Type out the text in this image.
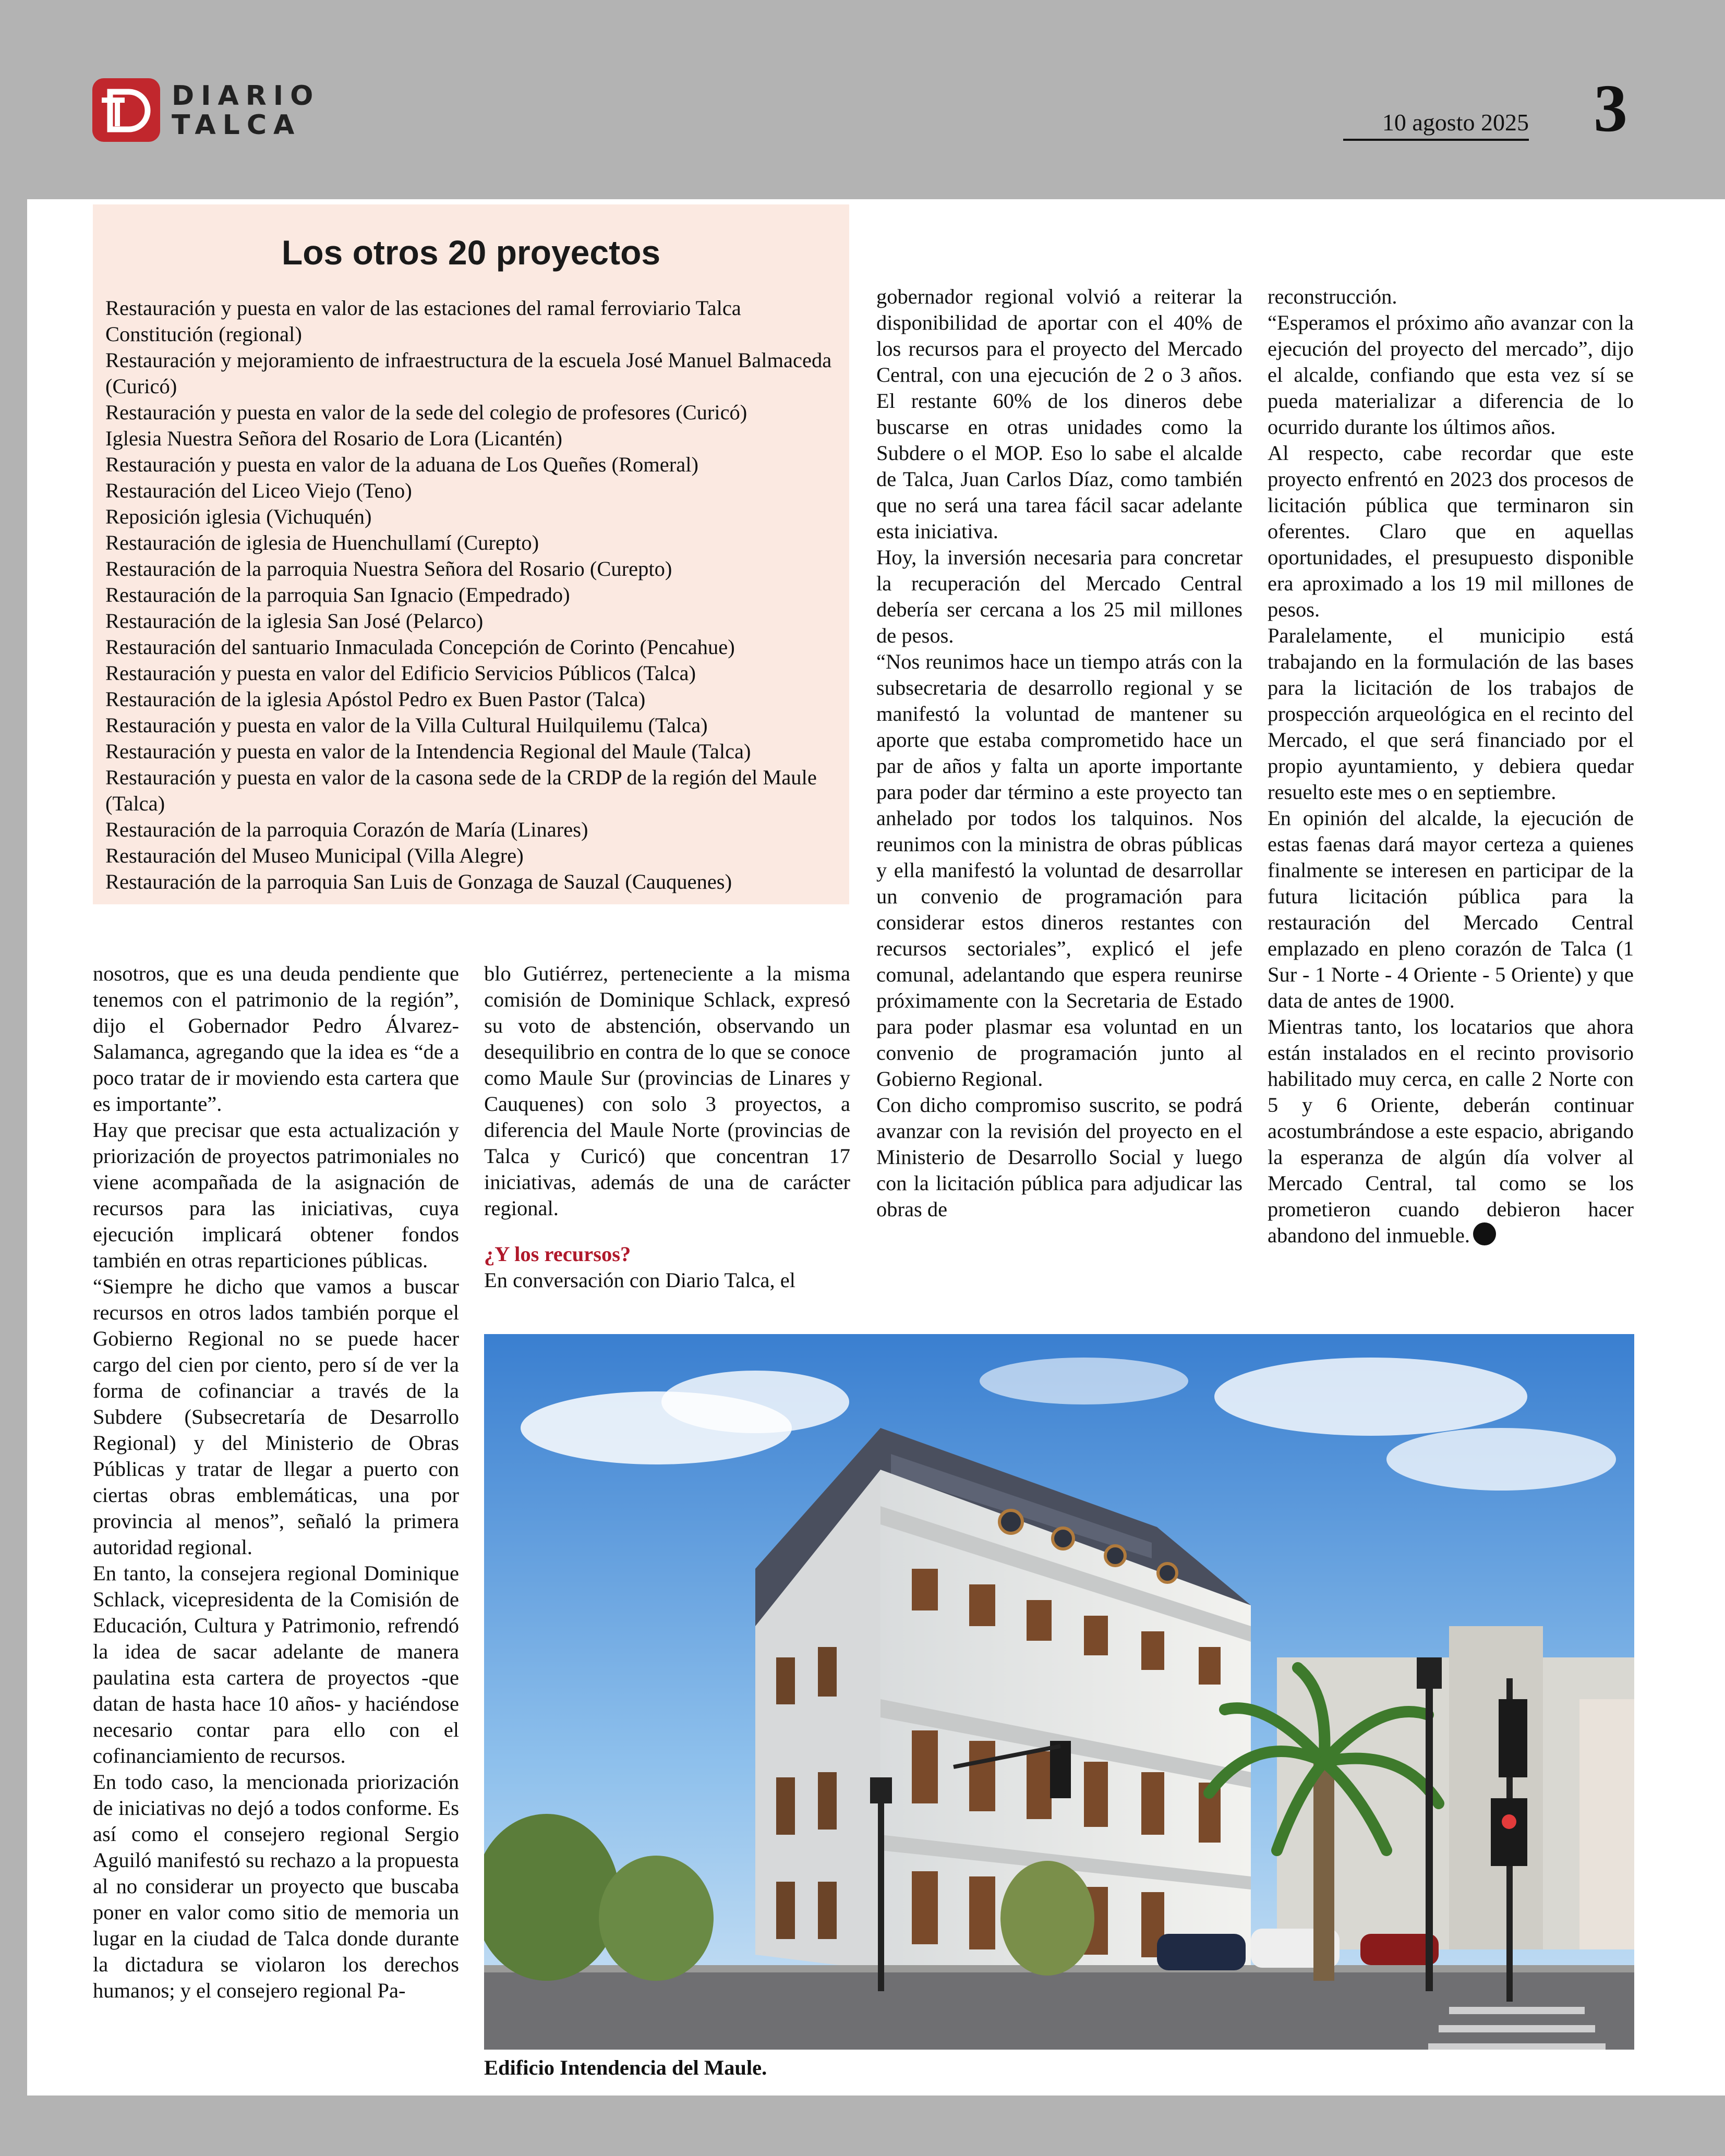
DIARIO
TALCA	10 agosto 2025 3
Los otros 20 proyectos
Restauración y puesta en valor de las estaciones del ramal ferroviario Talca Constitución (regional)
Restauración y mejoramiento de infraestructura de la escuela José Manuel Balmaceda (Curicó)
Restauración y puesta en valor de la sede del colegio de profesores (Curicó)
Iglesia Nuestra Señora del Rosario de Lora (Licantén)
Restauración y puesta en valor de la aduana de Los Queñes (Romeral)
Restauración del Liceo Viejo (Teno)
Reposición iglesia (Vichuquén)
Restauración de iglesia de Huenchullamí (Curepto)
Restauración de la parroquia Nuestra Señora del Rosario (Curepto)
Restauración de la parroquia San Ignacio (Empedrado)
Restauración de la iglesia San José (Pelarco)
Restauración del santuario Inmaculada Concepción de Corinto (Pencahue)
Restauración y puesta en valor del Edificio Servicios Públicos (Talca)
Restauración de la iglesia Apóstol Pedro ex Buen Pastor (Talca)
Restauración y puesta en valor de la Villa Cultural Huilquilemu (Talca)
Restauración y puesta en valor de la Intendencia Regional del Maule (Talca)
Restauración y puesta en valor de la casona sede de la CRDP de la región del Maule (Talca)
Restauración de la parroquia Corazón de María (Linares)
Restauración del Museo Municipal (Villa Alegre)
Restauración de la parroquia San Luis de Gonzaga de Sauzal (Cauquenes)

nosotros, que es una deuda pendiente que tenemos con el patrimonio de la región”, dijo el Gobernador Pedro Álvarez-Salamanca, agregando que la idea es “de a poco tratar de ir moviendo esta cartera que es importante”.

Hay que precisar que esta actualización y priorización de proyectos patrimoniales no viene acompañada de la asignación de recursos para las iniciativas, cuya ejecución implicará obtener fondos también en otras reparticiones públicas.

“Siempre he dicho que vamos a buscar recursos en otros lados también porque el Gobierno Regional no se puede hacer cargo del cien por ciento, pero sí de ver la forma de cofinanciar a través de la Subdere (Subsecretaría de Desarrollo Regional) y del Ministerio de Obras Públicas y tratar de llegar a puerto con ciertas obras emblemáticas, una por provincia al menos”, señaló la primera autoridad regional.

En tanto, la consejera regional Dominique Schlack, vicepresidenta de la Comisión de Educación, Cultura y Patrimonio, refrendó la idea de sacar adelante de manera paulatina esta cartera de proyectos -que datan de hasta hace 10 años- y haciéndose necesario contar para ello con el cofinanciamiento de recursos.

En todo caso, la mencionada priorización de iniciativas no dejó a todos conforme. Es así como el consejero regional Sergio Aguiló manifestó su rechazo a la propuesta al no considerar un proyecto que buscaba poner en valor como sitio de memoria un lugar en la ciudad de Talca donde durante la dictadura se violaron los derechos humanos; y el consejero regional Pa-

blo Gutiérrez, perteneciente a la misma comisión de Dominique Schlack, expresó su voto de abstención, observando un desequilibrio en contra de lo que se conoce como Maule Sur (provincias de Linares y Cauquenes) con solo 3 proyectos, a diferencia del Maule Norte (provincias de Talca y Curicó) que concentran 17 iniciativas, además de una de carácter regional.

¿Y los recursos?

En conversación con Diario Talca, el

gobernador regional volvió a reiterar la disponibilidad de aportar con el 40% de los recursos para el proyecto del Mercado Central, con una ejecución de 2 o 3 años. El restante 60% de los dineros debe buscarse en otras unidades como la Subdere o el MOP. Eso lo sabe el alcalde de Talca, Juan Carlos Díaz, como también que no será una tarea fácil sacar adelante esta iniciativa.

Hoy, la inversión necesaria para concretar la recuperación del Mercado Central debería ser cercana a los 25 mil millones de pesos.

“Nos reunimos hace un tiempo atrás con la subsecretaria de desarrollo regional y se manifestó la voluntad de mantener su aporte que estaba comprometido hace un par de años y falta un aporte importante para poder dar término a este proyecto tan anhelado por todos los talquinos. Nos reunimos con la ministra de obras públicas y ella manifestó la voluntad de desarrollar un convenio de programación para considerar estos dineros restantes con recursos sectoriales”, explicó el jefe comunal, adelantando que espera reunirse próximamente con la Secretaria de Estado para poder plasmar esa voluntad en un convenio de programación junto al Gobierno Regional.

Con dicho compromiso suscrito, se podrá avanzar con la revisión del proyecto en el Ministerio de Desarrollo Social y luego con la licitación pública para adjudicar las obras de

reconstrucción.

“Esperamos el próximo año avanzar con la ejecución del proyecto del mercado”, dijo el alcalde, confiando que esta vez sí se pueda materializar a diferencia de lo ocurrido durante los últimos años.

Al respecto, cabe recordar que este proyecto enfrentó en 2023 dos procesos de licitación pública que terminaron sin oferentes. Claro que en aquellas oportunidades, el presupuesto disponible era aproximado a los 19 mil millones de pesos.

Paralelamente, el municipio está trabajando en la formulación de las bases para la licitación de los trabajos de prospección arqueológica en el recinto del Mercado, el que será financiado por el propio ayuntamiento, y debiera quedar resuelto este mes o en septiembre.

En opinión del alcalde, la ejecución de estas faenas dará mayor certeza a quienes finalmente se interesen en participar de la futura licitación pública para la restauración del Mercado Central emplazado en pleno corazón de Talca (1 Sur - 1 Norte - 4 Oriente - 5 Oriente) y que data de antes de 1900.

Mientras tanto, los locatarios que ahora están instalados en el recinto provisorio habilitado muy cerca, en calle 2 Norte con 5 y 6 Oriente, deberán continuar acostumbrándose a este espacio, abrigando la esperanza de algún día volver al Mercado Central, tal como se los prometieron cuando debieron hacer abandono del inmueble.

Edificio Intendencia del Maule.
